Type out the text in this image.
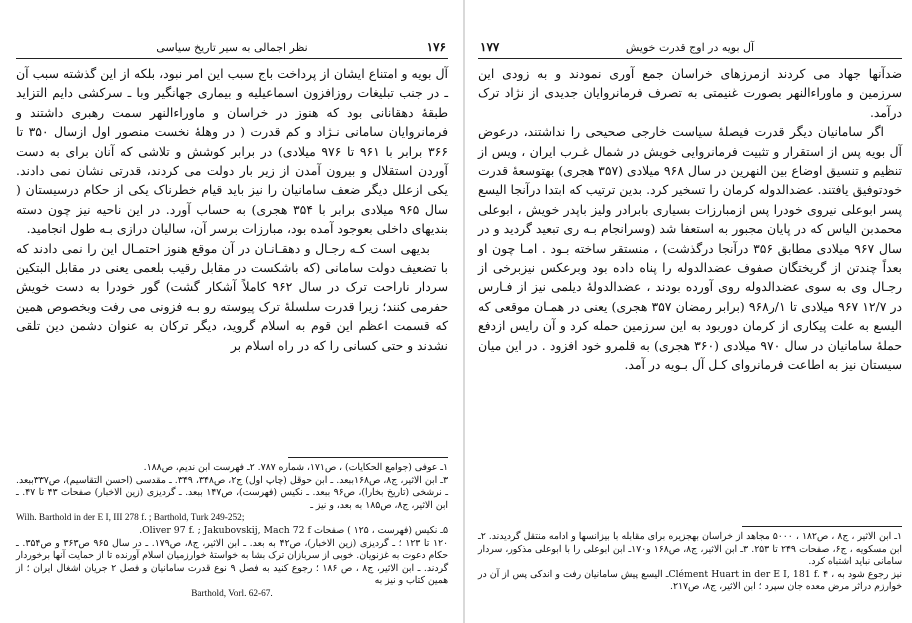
۱۷۶
نظر اجمالی به سیر تاریخ سیاسی

آل بویه و امتناع ایشان از پرداخت باج سبب این امر نبود، بلکه از این گذشته سبب آن ـ در جنب تبلیغات روزافزون اسماعیلیه و بیماری جهانگیر وبا ـ سرکشی دایم التزاید طبقهٔ دهقانانی بود که هنوز در خراسان و ماوراءالنهر سمت رهبری داشتند و فرمانروایان سامانی نـژاد و کم قدرت ( در وهلهٔ نخست منصور اول ازسال ۳۵۰ تا ۳۶۶ برابر با ۹۶۱ تا ۹۷۶ میلادی) در برابر کوشش و تلاشی که آنان برای به دست آوردن استقلال و بیرون آمدن از زیر بار دولت می کردند، قدرتی نشان نمی دادند. یکی ازعلل دیگر ضعف سامانیان را نیز باید قیام خطرناک یکی از حکام درسیستان ( سال ۹۶۵ میلادی برابر با ۳۵۴ هجری) به حساب آورد. در این ناحیه نیز چون دسته بندیهای داخلی بعوجود آمده بود، مبارزات برسر آن، سالیان درازی بـه طول انجامید.

بدیهی است کـه رجـال و دهقـانـان در آن موقع هنوز احتمـال این را نمی دادند که با تضعیف دولت سامانی (که باشکست در مقابل رقیب بلعمی یعنی در مقابل البتکین سردار ناراحت ترک در سال ۹۶۲ کاملاً آشکار گشت) گور خودرا به دست خویش حفرمی کنند؛ زیرا قدرت سلسلهٔ ترک پیوسته رو بـه فزونی می رفت وبخصوص همین که قسمت اعظم این قوم به اسلام گروید، دیگر ترکان به عنوان دشمن دین تلقی نشدند و حتی کسانی را که در راه اسلام بر

۱ـ عوفی (جوامع الحکایات) ، ص۱۷۱، شماره ۷۸۷. ۲ـ فهرست ابن ندیم، ص۱۸۸.

۳ـ ابن الاثیر، ج۸، ص۱۶۸ببعد. ـ ابن حوقل (چاپ اول) ج۲، ص۳۴۸، ۳۴۹. ـ مقدسی (احسن التقاسیم)، ص۳۳۷ببعد. ـ نرشخی (تاریخ بخارا)، ص۹۶ ببعد. ـ نکیس (فهرست)، ص۱۴۷ ببعد. ـ گردیزی (زین الاخبار) صفحات ۴۳ تا ۴۷. ـ ابن الاثیر، ج۸، ص۱۸۵ به بعد، و نیز ـ

Wilh. Barthold in der E I, III 278 f. ; Barthold, Turk 249-252;

۵ـ نکیس (فهرست ، ۱۲۵ ) صفحات Oliver 97 f. ; Jakubovskij, Mach 72 f.

۱۲۰ تا ۱۲۳ ؛ ـ گردیزی (زین الاخبار)، ص۴۲ به بعد. ـ ابن الاثیر، ج۸، ص۱۷۹. ـ در سال ۹۶۵ ص۳۶۳ و ص۳۵۴. ـ حکام دعوت به غزنویان. خوبی از سربازان ترک بشا به خواستهٔ خوارزمیان اسلام آورنده تا از حمایت آنها برخوردار گردند. ـ ابن الاثیر، ج۸ ، ص ۱۸۶ ؛ رجوع کنید به فصل ۹ نوع قدرت سامانیان و فصل ۲ جریان اشغال ایران ؛ از همین کتاب و نیز به

Barthold, Vorl. 62-67.

۱۷۷	آل بویه در اوج قدرت خویش

ضدآنها جهاد می کردند ازمرزهای خراسان جمع آوری نمودند و به زودی این سرزمین و ماوراءالنهر بصورت غنیمتی به تصرف فرمانروایان جدیدی از نژاد ترک درآمد.

اگر سامانیان دیگر قدرت فیصلهٔ سیاست خارجی صحیحی را نداشتند، درعوض آل بویه پس از استقرار و تثبیت فرمانروایی خویش در شمال غـرب ایران ، ویس از تنظیم و تنسیق اوضاع بین النهرین در سال ۹۶۸ میلادی (۳۵۷ هجری) بهتوسعهٔ قدرت خودتوفیق یافتند. عضدالدوله کرمان را تسخیر کرد. بدین ترتیب که ابتدا درآنجا الیسع پسر ابوعلی نیروی خودرا پس ازمبارزات بسیاری بابرادر ولیز باپدر خویش ، ابوعلی محمدبن الیاس که در پایان مجبور به استعفا شد (وسرانجام بـه ری تبعید گردید و در سال ۹۶۷ میلادی مطابق ۳۵۶ درآنجا درگذشت) ، منستقر ساخته بـود . امـا چون او بعداً چندتن از گریختگان صفوف عضدالدوله را پناه داده بود وبرعکس نیزبرخی از رجـال وی به سوی عضدالدوله روی آورده بودند ، عضدالدولهٔ دیلمی نیز از فـارس در ۱۲/۷ ۹۶۷ میلادی تا ۱/ر۹۶۸ (برابر رمضان ۳۵۷ هجری) یعنی در همـان موقعی که الیسع به علت پیکاری از کرمان دوربود به این سرزمین حمله کرد و آن رایس ازدفع حملهٔ سامانیان در سال ۹۷۰ میلادی (۳۶۰ هجری) به قلمرو خود افزود . در این میان سیستان نیز به اطاعت فرمانروای کـل آل بـویه در آمد.

۱ـ ابن الاثیر ، ج۸ ، ص۱۸۲ ، ۵۰۰۰ مجاهد از خراسان بهجزیره برای مقابله با بیزانسها و ادامه منتقل گردیدند. ۲ـ ابن مسکویه ، ج۶، صفحات ۲۴۹ تا ۲۵۳. ۳ـ ابن الاثیر، ج۸، ص۱۶۸ و۱۷۰ـ ابن ابوعلی را با ابوعلی مذکور، سردار سامانی نباید اشتباه کرد.

نیز رجوع شود به ، Clément Huart in der E I, 181 f. ۴ـ الیسع پیش سامانیان رفت و اندکی پس از آن در خوارزم دراثر مرض معده جان سپرد ؛ ابن الاثیر، ج۸، ص۲۱۷.
